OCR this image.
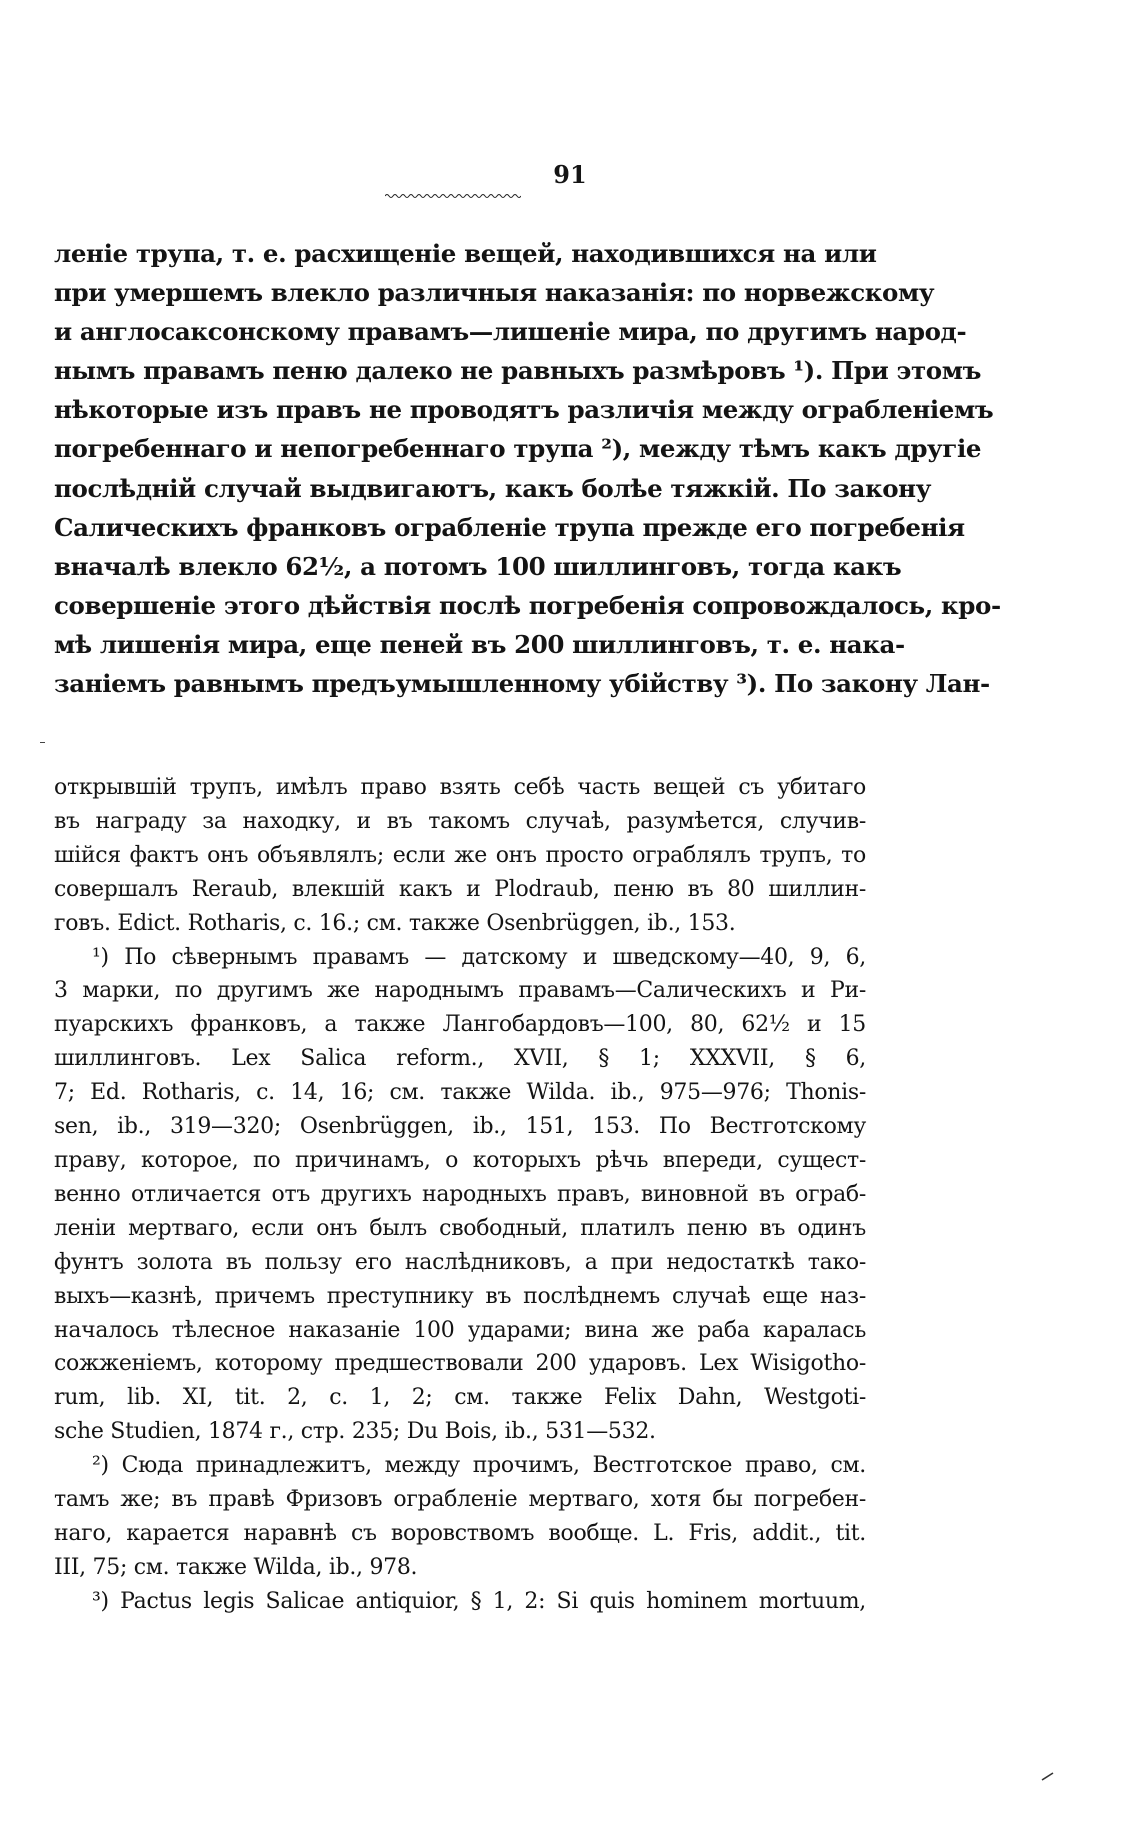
91
леніе трупа, т. е. расхищеніе вещей, находившихся на или
при умершемъ влекло различныя наказанія: по норвежскому
и англосаксонскому правамъ—лишеніе мира, по другимъ народ-
нымъ правамъ пеню далеко не равныхъ размѣровъ ¹). При этомъ
нѣкоторые изъ правъ не проводятъ различія между ограбленіемъ
погребеннаго и непогребеннаго трупа ²), между тѣмъ какъ другіе
послѣдній случай выдвигаютъ, какъ болѣе тяжкій. По закону
Салическихъ франковъ ограбленіе трупа прежде его погребенія
вначалѣ влекло 62½, а потомъ 100 шиллинговъ, тогда какъ
совершеніе этого дѣйствія послѣ погребенія сопровождалось, кро-
мѣ лишенія мира, еще пеней въ 200 шиллинговъ, т. е. нака-
заніемъ равнымъ предъумышленному убійству ³). По закону Лан-
открывшій трупъ, имѣлъ право взять себѣ часть вещей съ убитаго
въ награду за находку, и въ такомъ случаѣ, разумѣется, случив-
шійся фактъ онъ объявлялъ; если же онъ просто ограблялъ трупъ, то
совершалъ Reraub, влекшій какъ и Plodraub, пеню въ 80 шиллин-
говъ. Edict. Rotharis, c. 16.; см. также Osenbrüggen, ib., 153.
¹) По сѣвернымъ правамъ — датскому и шведскому—40, 9, 6,
3 марки, по другимъ же народнымъ правамъ—Салическихъ и Ри-
пуарскихъ франковъ, а также Лангобардовъ—100, 80, 62½ и 15
шиллинговъ. Lex Salica reform., XVII, § 1; XXXVII, § 6,
7; Ed. Rotharis, c. 14, 16; см. также Wilda. ib., 975—976; Thonis-
sen, ib., 319—320; Osenbrüggen, ib., 151, 153. По Вестготскому
праву, которое, по причинамъ, о которыхъ рѣчь впереди, сущест-
венно отличается отъ другихъ народныхъ правъ, виновной въ ограб-
леніи мертваго, если онъ былъ свободный, платилъ пеню въ одинъ
фунтъ золота въ пользу его наслѣдниковъ, а при недостаткѣ тако-
выхъ—казнѣ, причемъ преступнику въ послѣднемъ случаѣ еще наз-
началось тѣлесное наказаніе 100 ударами; вина же раба каралась
сожженіемъ, которому предшествовали 200 ударовъ. Lex Wisigotho-
rum, lib. XI, tit. 2, c. 1, 2; см. также Felix Dahn, Westgoti-
sche Studien, 1874 г., стр. 235; Du Bois, ib., 531—532.
²) Сюда принадлежитъ, между прочимъ, Вестготское право, см.
тамъ же; въ правѣ Фризовъ ограбленіе мертваго, хотя бы погребен-
наго, карается наравнѣ съ воровствомъ вообще. L. Fris, addit., tit.
III, 75; см. также Wilda, ib., 978.
³) Pactus legis Salicae antiquior, § 1, 2: Si quis hominem mortuum,
